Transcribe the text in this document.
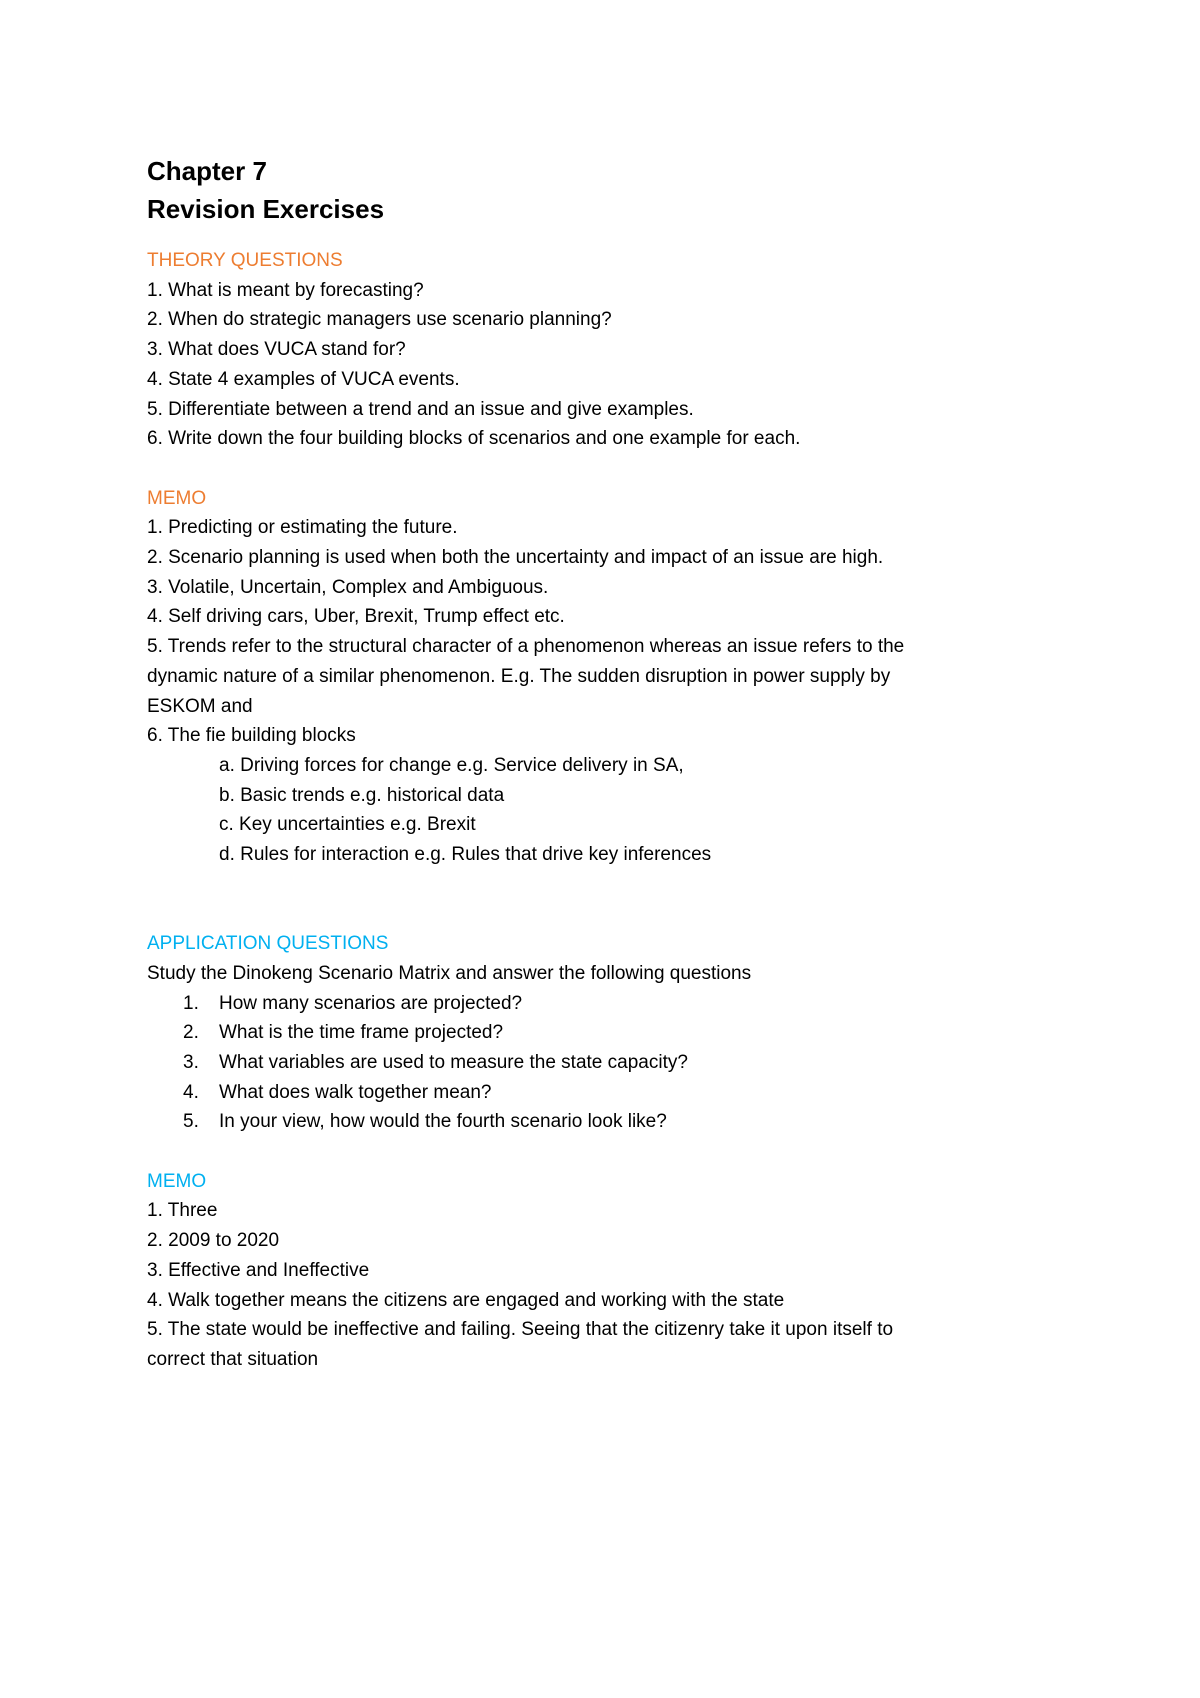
Chapter 7
Revision Exercises
THEORY QUESTIONS
1. What is meant by forecasting?
2. When do strategic managers use scenario planning?
3. What does VUCA stand for?
4. State 4 examples of VUCA events.
5. Differentiate between a trend and an issue and give examples.
6. Write down the four building blocks of scenarios and one example for each.
MEMO
1. Predicting or estimating the future.
2. Scenario planning is used when both the uncertainty and impact of an issue are high.
3. Volatile, Uncertain, Complex and Ambiguous.
4. Self driving cars, Uber, Brexit, Trump effect etc.
5. Trends refer to the structural character of a phenomenon whereas an issue refers to the
dynamic nature of a similar phenomenon. E.g. The sudden disruption in power supply by
ESKOM and
6. The fie building blocks
a. Driving forces for change e.g. Service delivery in SA,
b. Basic trends e.g. historical data
c. Key uncertainties e.g. Brexit
d. Rules for interaction e.g. Rules that drive key inferences
APPLICATION QUESTIONS
Study the Dinokeng Scenario Matrix and answer the following questions
1.	How many scenarios are projected?
2.	What is the time frame projected?
3.	What variables are used to measure the state capacity?
4.	What does walk together mean?
5.	In your view, how would the fourth scenario look like?
MEMO
1. Three
2. 2009 to 2020
3. Effective and Ineffective
4. Walk together means the citizens are engaged and working with the state
5. The state would be ineffective and failing. Seeing that the citizenry take it upon itself to
correct that situation
